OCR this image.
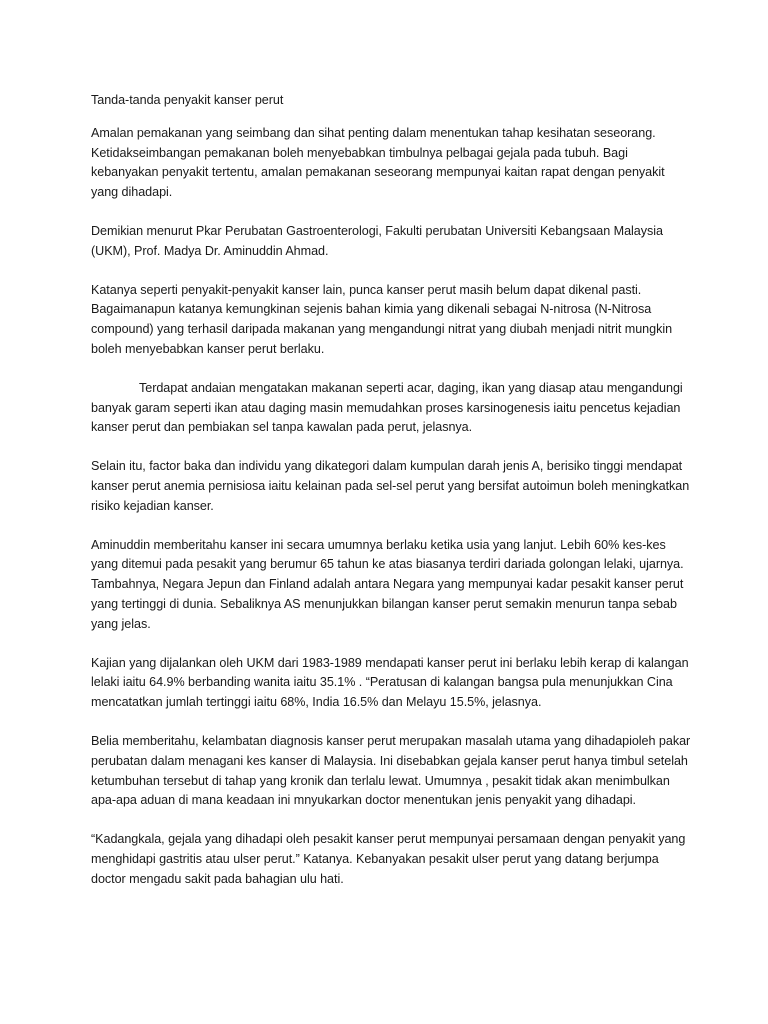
Tanda-tanda penyakit kanser perut

Amalan pemakanan yang seimbang dan sihat penting dalam menentukan tahap kesihatan seseorang. Ketidakseimbangan pemakanan boleh menyebabkan timbulnya pelbagai gejala pada tubuh. Bagi kebanyakan penyakit tertentu, amalan pemakanan seseorang mempunyai kaitan rapat dengan penyakit yang dihadapi.

Demikian menurut Pkar Perubatan Gastroenterologi, Fakulti perubatan Universiti Kebangsaan Malaysia (UKM), Prof. Madya Dr. Aminuddin Ahmad.

Katanya seperti penyakit-penyakit kanser lain, punca kanser perut masih belum dapat dikenal pasti. Bagaimanapun katanya kemungkinan sejenis bahan kimia yang dikenali sebagai N-nitrosa (N-Nitrosa compound) yang terhasil daripada makanan yang mengandungi nitrat yang diubah menjadi nitrit mungkin boleh menyebabkan kanser perut berlaku.

Terdapat andaian mengatakan makanan seperti acar, daging, ikan yang diasap atau mengandungi banyak garam seperti ikan atau daging masin memudahkan proses karsinogenesis iaitu pencetus kejadian kanser perut dan pembiakan sel tanpa kawalan pada perut, jelasnya.

Selain itu, factor baka dan individu yang dikategori dalam kumpulan darah jenis A, berisiko tinggi mendapat kanser perut anemia pernisiosa iaitu kelainan pada sel-sel perut yang bersifat autoimun boleh meningkatkan risiko kejadian kanser.

Aminuddin memberitahu kanser ini secara umumnya berlaku ketika usia yang lanjut. Lebih 60% kes-kes yang ditemui pada pesakit yang berumur 65 tahun ke atas biasanya terdiri dariada golongan lelaki, ujarnya. Tambahnya, Negara Jepun dan Finland adalah antara Negara yang mempunyai kadar pesakit kanser perut yang tertinggi di dunia. Sebaliknya AS menunjukkan bilangan kanser perut semakin menurun tanpa sebab yang jelas.

Kajian yang dijalankan oleh UKM dari 1983-1989 mendapati kanser perut ini berlaku lebih kerap di kalangan lelaki iaitu 64.9% berbanding wanita iaitu 35.1% . “Peratusan di kalangan bangsa pula menunjukkan Cina mencatatkan jumlah tertinggi iaitu 68%, India 16.5% dan Melayu 15.5%, jelasnya.

Belia memberitahu, kelambatan diagnosis kanser perut merupakan masalah utama yang dihadapioleh pakar perubatan dalam menagani kes kanser di Malaysia. Ini disebabkan gejala kanser perut hanya timbul setelah ketumbuhan tersebut di tahap yang kronik dan terlalu lewat. Umumnya , pesakit tidak akan menimbulkan apa-apa aduan di mana keadaan ini mnyukarkan doctor menentukan jenis penyakit yang dihadapi.

“Kadangkala, gejala yang dihadapi oleh pesakit kanser perut mempunyai persamaan dengan penyakit yang menghidapi gastritis atau ulser perut.” Katanya. Kebanyakan pesakit ulser perut yang datang berjumpa doctor mengadu sakit pada bahagian ulu hati.
